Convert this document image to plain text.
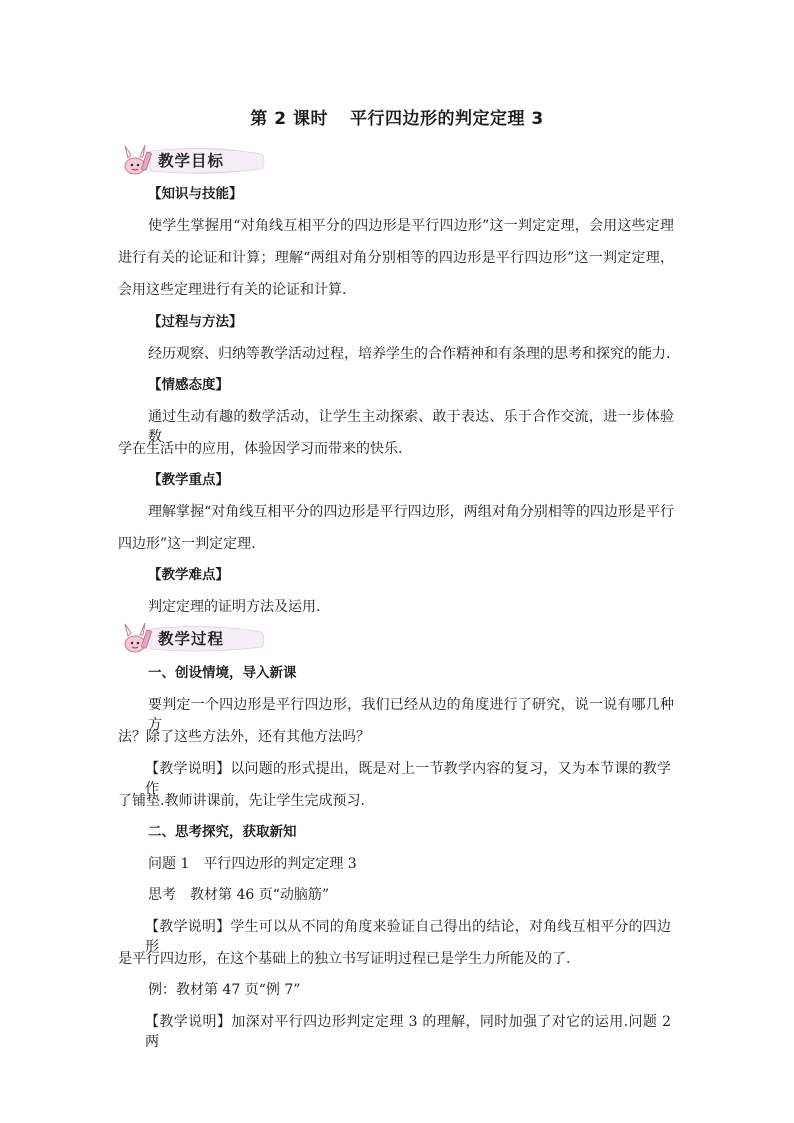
第 2 课时 平行四边形的判定定理 3
教学目标
【知识与技能】
使学生掌握用“对角线互相平分的四边形是平行四边形”这一判定定理，会用这些定理
进行有关的论证和计算；理解“两组对角分别相等的四边形是平行四边形”这一判定定理，
会用这些定理进行有关的论证和计算.
【过程与方法】
经历观察、归纳等教学活动过程，培养学生的合作精神和有条理的思考和探究的能力.
【情感态度】
通过生动有趣的数学活动，让学生主动探索、敢于表达、乐于合作交流，进一步体验数
学在生活中的应用，体验因学习而带来的快乐.
【教学重点】
理解掌握“对角线互相平分的四边形是平行四边形，两组对角分别相等的四边形是平行
四边形”这一判定定理.
【教学难点】
判定定理的证明方法及运用.
教学过程
一、创设情境，导入新课
要判定一个四边形是平行四边形，我们已经从边的角度进行了研究，说一说有哪几种方
法？除了这些方法外，还有其他方法吗？
【教学说明】以问题的形式提出，既是对上一节教学内容的复习，又为本节课的教学作
了铺垫.教师讲课前，先让学生完成预习.
二、思考探究，获取新知
问题 1　平行四边形的判定定理 3
思考　教材第 46 页“动脑筋”
【教学说明】学生可以从不同的角度来验证自己得出的结论，对角线互相平分的四边形
是平行四边形，在这个基础上的独立书写证明过程已是学生力所能及的了.
例：教材第 47 页“例 7”
【教学说明】加深对平行四边形判定定理 3 的理解，同时加强了对它的运用.问题 2 两
